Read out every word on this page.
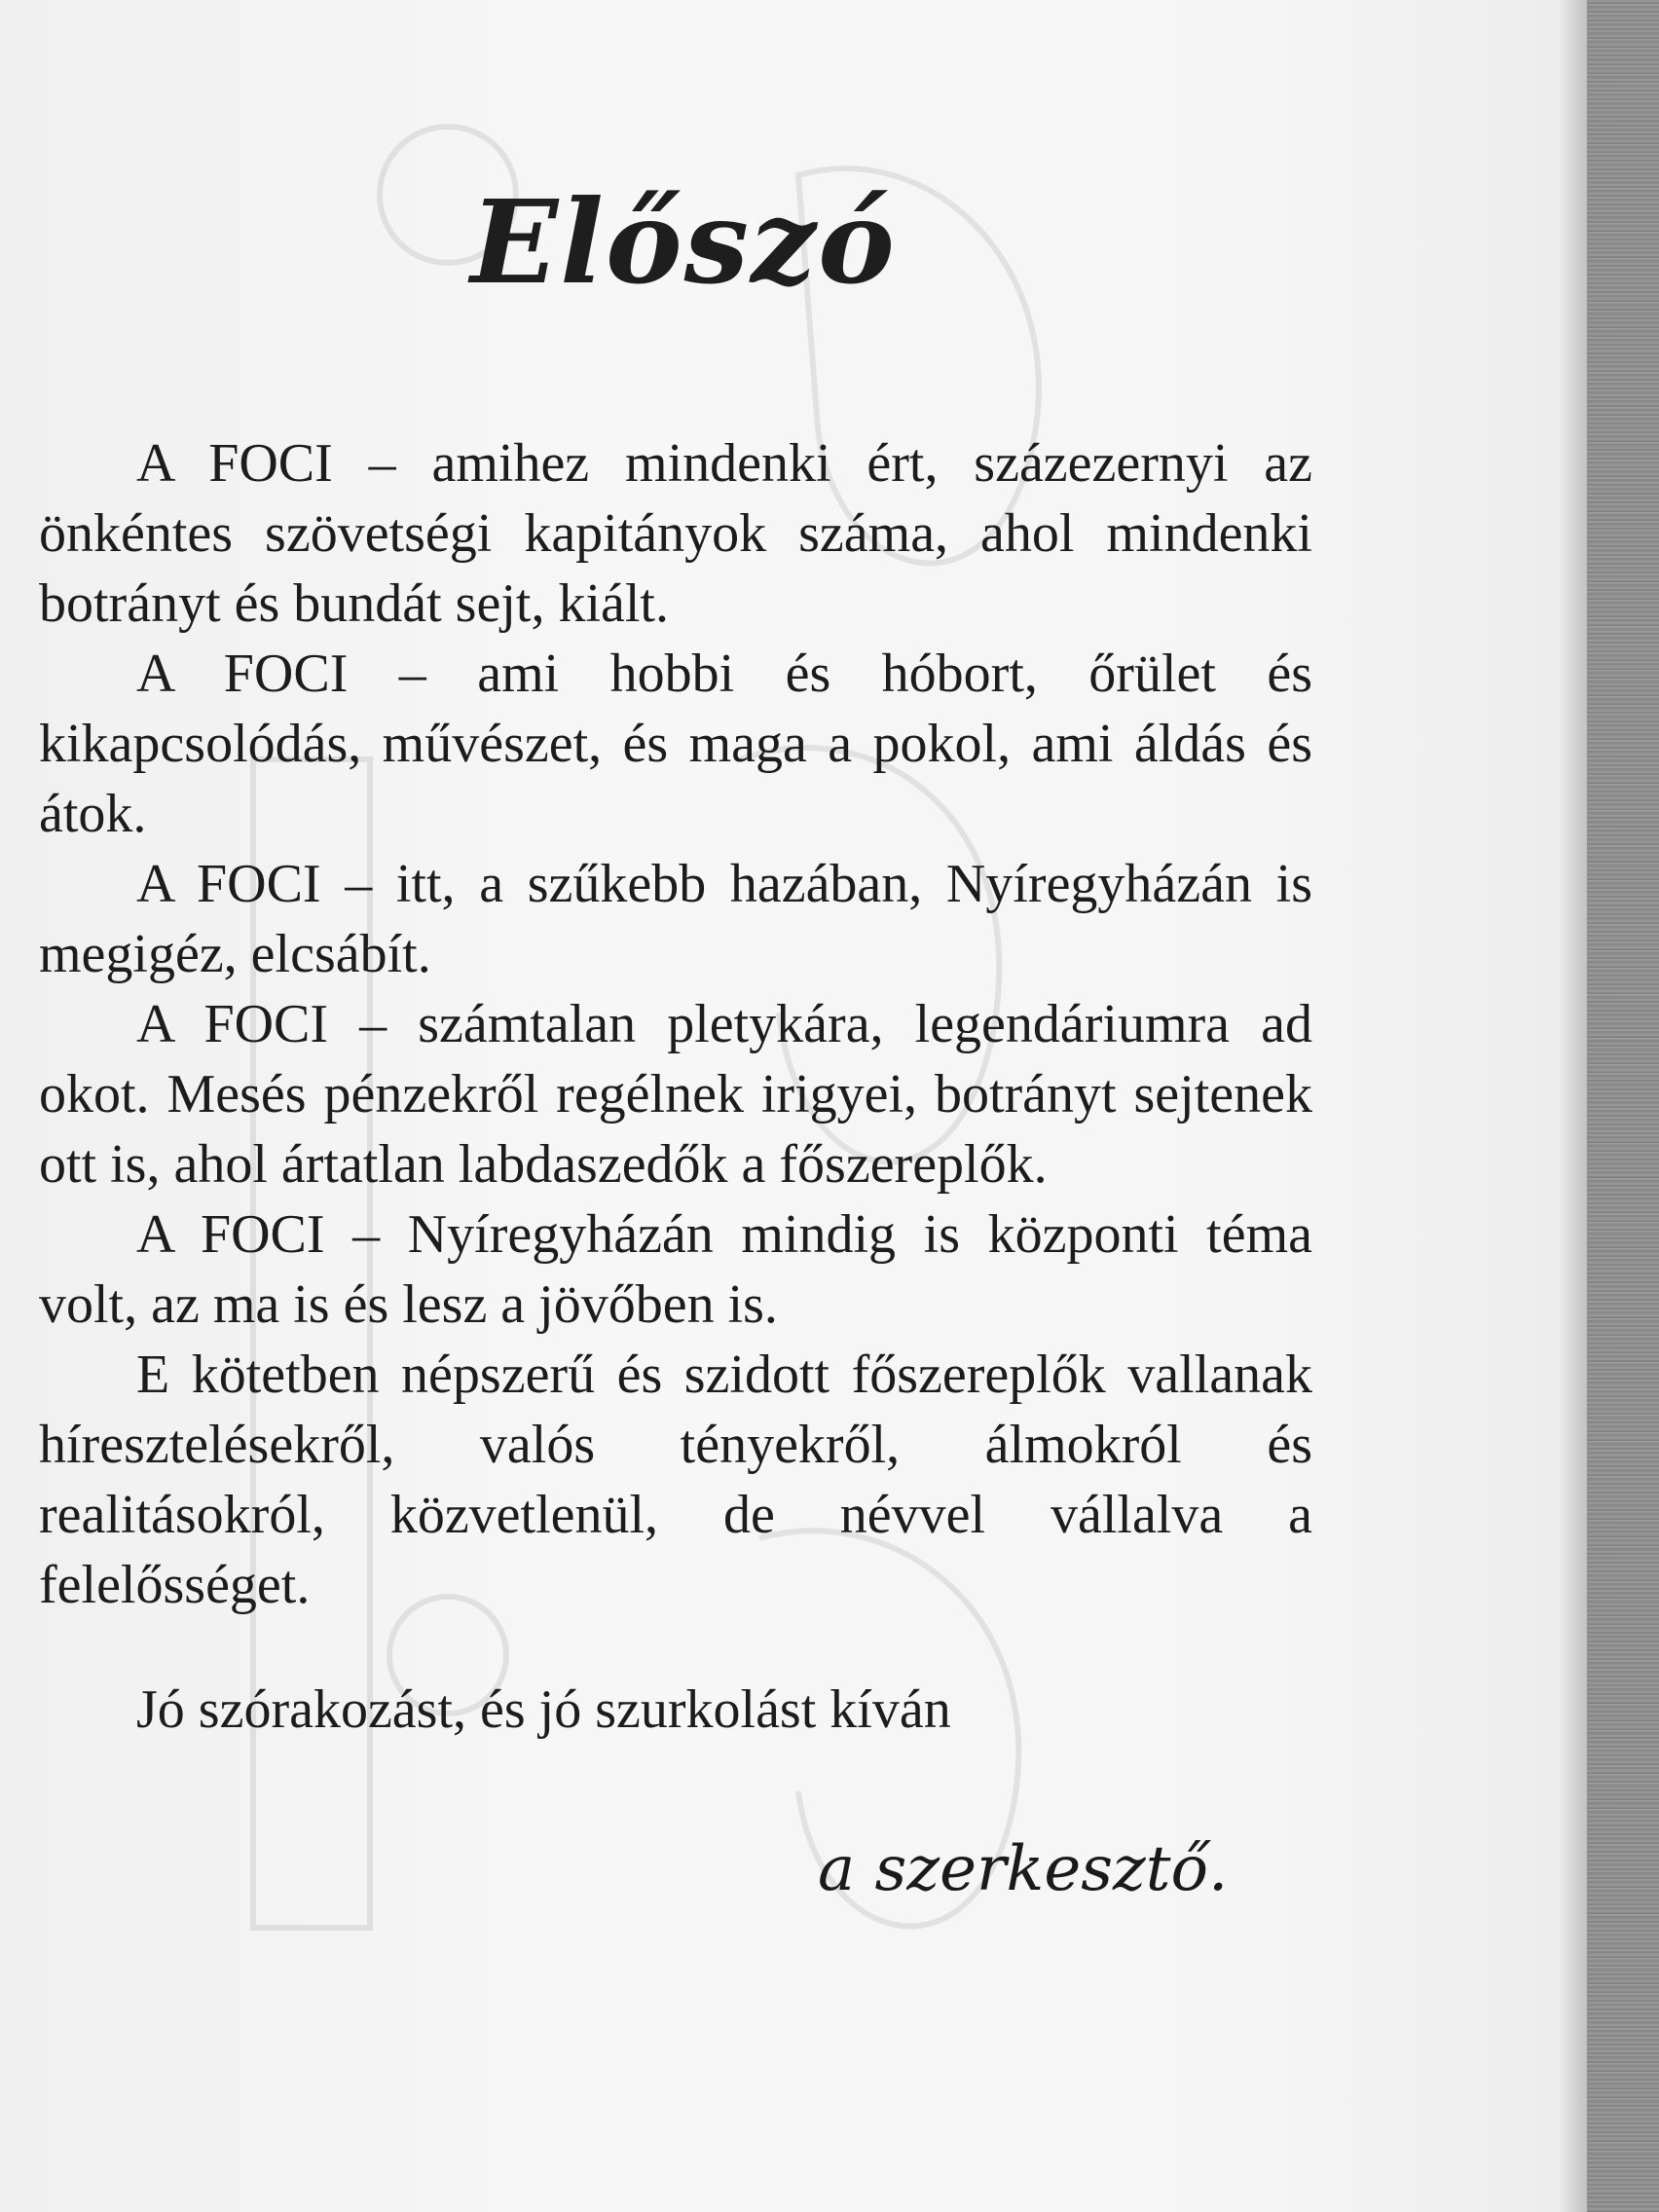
Előszó

A FOCI – amihez mindenki ért, százezernyi az önkéntes szövetségi kapitányok száma, ahol mindenki botrányt és bundát sejt, kiált.

A FOCI – ami hobbi és hóbort, őrület és kikapcsolódás, művészet, és maga a pokol, ami áldás és átok.

A FOCI – itt, a szűkebb hazában, Nyíregyházán is megigéz, elcsábít.

A FOCI – számtalan pletykára, legendáriumra ad okot. Mesés pénzekről regélnek irigyei, botrányt sejtenek ott is, ahol ártatlan labdaszedők a főszereplők.

A FOCI – Nyíregyházán mindig is központi téma volt, az ma is és lesz a jövőben is.

E kötetben népszerű és szidott főszereplők vallanak híresztelésekről, valós tényekről, álmokról és realitásokról, közvetlenül, de névvel vállalva a felelősséget.

Jó szórakozást, és jó szurkolást kíván

a szerkesztő.
